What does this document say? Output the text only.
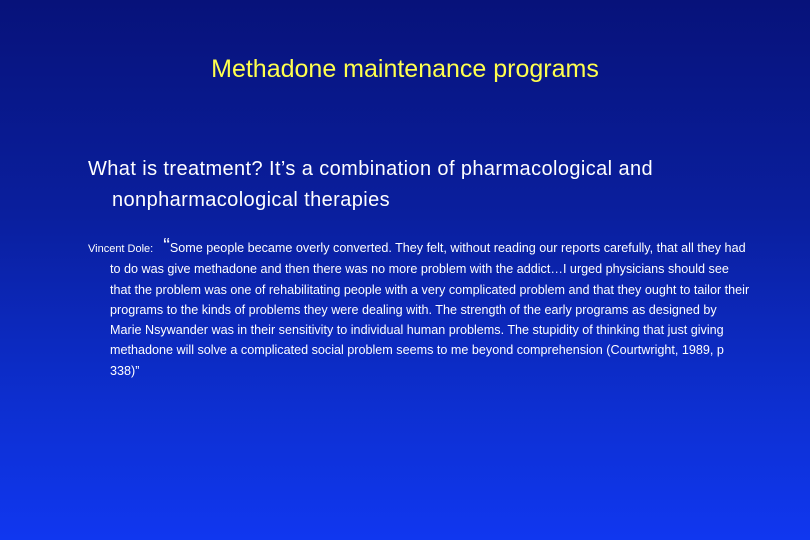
Methadone maintenance programs

What is treatment? It’s a combination of pharmacological and nonpharmacological therapies

Vincent Dole: “Some people became overly converted. They felt, without reading our reports carefully, that all they had to do was give methadone and then there was no more problem with the addict…I urged physicians should see that the problem was one of rehabilitating people with a very complicated problem and that they ought to tailor their programs to the kinds of problems they were dealing with. The strength of the early programs as designed by Marie Nsywander was in their sensitivity to individual human problems. The stupidity of thinking that just giving methadone will solve a complicated social problem seems to me beyond comprehension (Courtwright, 1989, p 338)”
